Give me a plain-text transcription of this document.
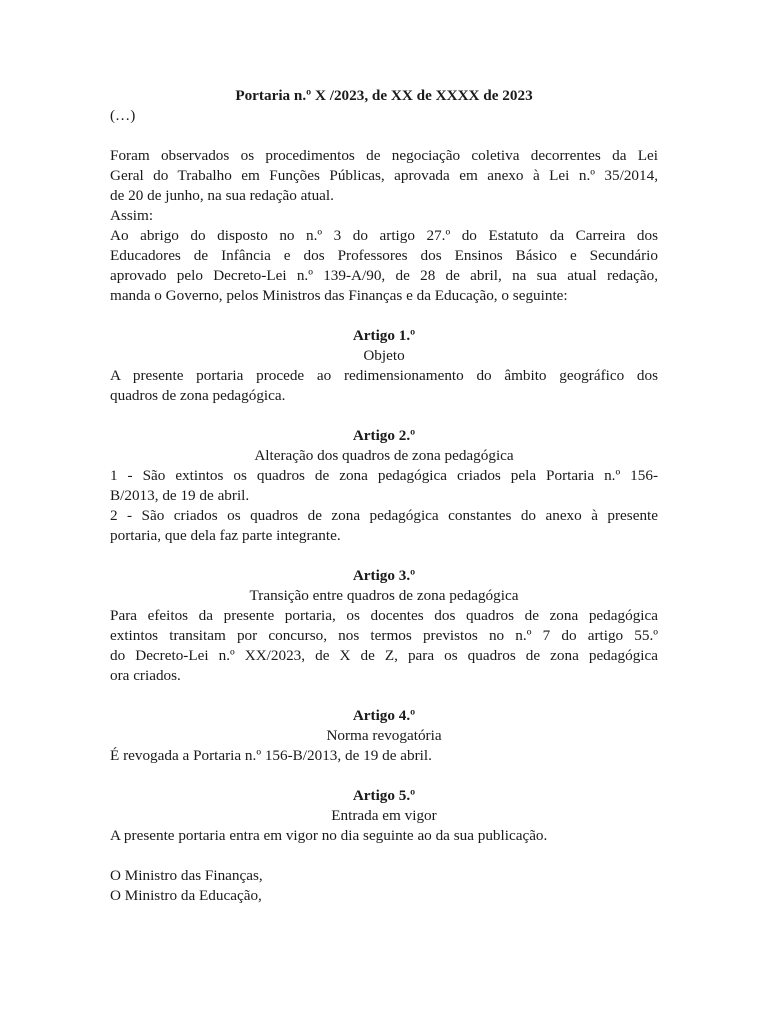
Portaria n.º X /2023, de XX de XXXX de 2023

(…)

Foram observados os procedimentos de negociação coletiva decorrentes da Lei

Geral do Trabalho em Funções Públicas, aprovada em anexo à Lei n.º 35/2014,

de 20 de junho, na sua redação atual.

Assim:

Ao abrigo do disposto no n.º 3 do artigo 27.º do Estatuto da Carreira dos

Educadores de Infância e dos Professores dos Ensinos Básico e Secundário

aprovado pelo Decreto-Lei n.º 139-A/90, de 28 de abril, na sua atual redação,

manda o Governo, pelos Ministros das Finanças e da Educação, o seguinte:

Artigo 1.º

Objeto

A presente portaria procede ao redimensionamento do âmbito geográfico dos

quadros de zona pedagógica.

Artigo 2.º

Alteração dos quadros de zona pedagógica

1 - São extintos os quadros de zona pedagógica criados pela Portaria n.º 156-

B/2013, de 19 de abril.

2 - São criados os quadros de zona pedagógica constantes do anexo à presente

portaria, que dela faz parte integrante.

Artigo 3.º

Transição entre quadros de zona pedagógica

Para efeitos da presente portaria, os docentes dos quadros de zona pedagógica

extintos transitam por concurso, nos termos previstos no n.º 7 do artigo 55.º

do Decreto-Lei n.º XX/2023, de X de Z, para os quadros de zona pedagógica

ora criados.

Artigo 4.º

Norma revogatória

É revogada a Portaria n.º 156-B/2013, de 19 de abril.

Artigo 5.º

Entrada em vigor

A presente portaria entra em vigor no dia seguinte ao da sua publicação.

O Ministro das Finanças,

O Ministro da Educação,
